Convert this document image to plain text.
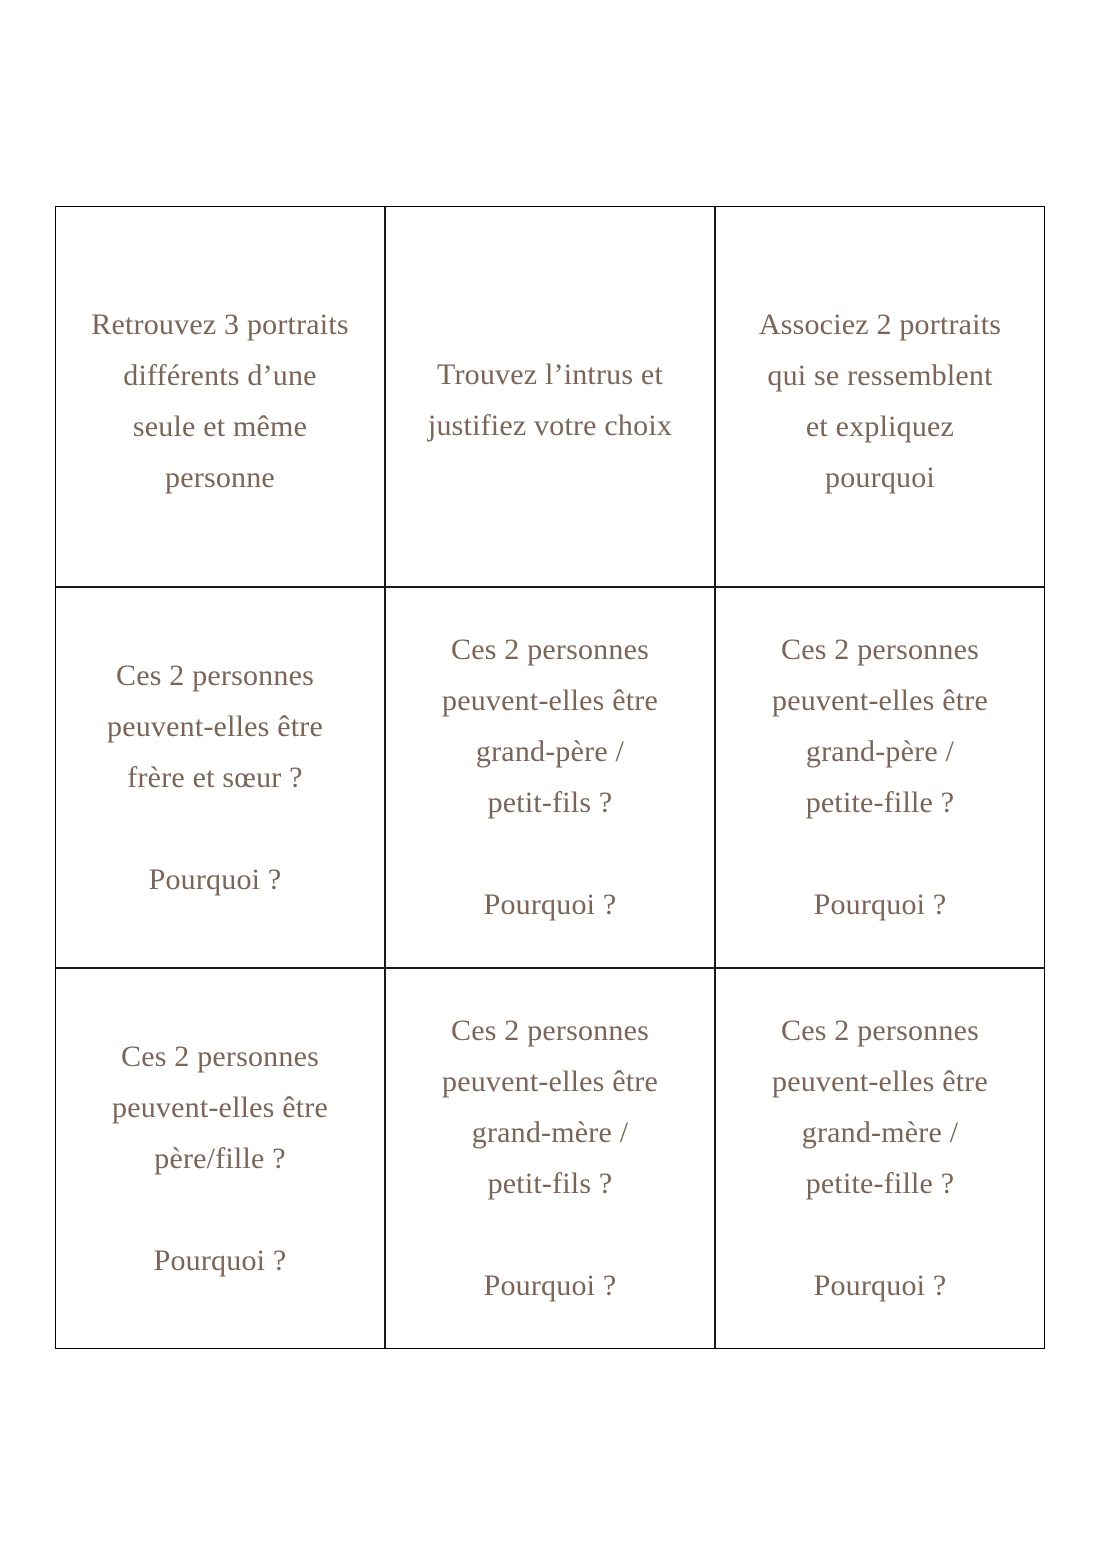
Retrouvez 3 portraits
différents d’une
seule et même
personne
Trouvez l’intrus et
justifiez votre choix
Associez 2 portraits
qui se ressemblent
et expliquez
pourquoi
Ces 2 personnes
peuvent-elles être
frère et sœur ?

Pourquoi ?
Ces 2 personnes
peuvent-elles être
grand-père /
petit-fils ?

Pourquoi ?
Ces 2 personnes
peuvent-elles être
grand-père /
petite-fille ?

Pourquoi ?
Ces 2 personnes
peuvent-elles être
père/fille ?

Pourquoi ?
Ces 2 personnes
peuvent-elles être
grand-mère /
petit-fils ?

Pourquoi ?
Ces 2 personnes
peuvent-elles être
grand-mère /
petite-fille ?

Pourquoi ?
